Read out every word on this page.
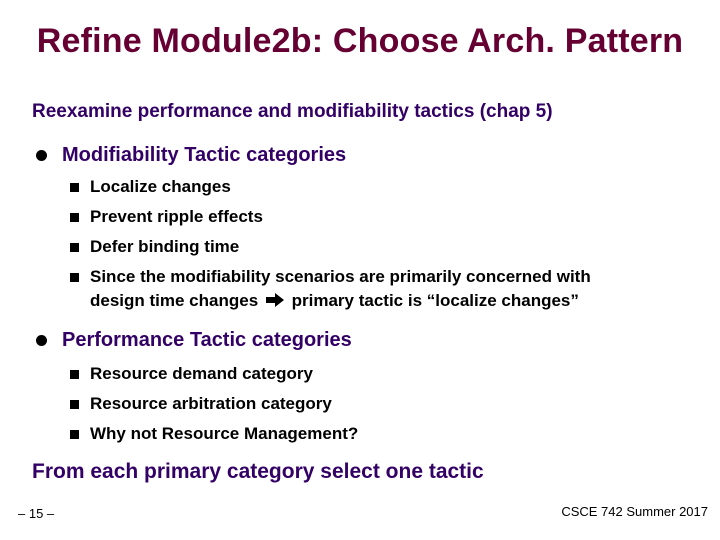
Refine Module2b: Choose Arch. Pattern
Reexamine performance and modifiability tactics (chap 5)
Modifiability Tactic categories
Localize changes
Prevent ripple effects
Defer binding time
Since the modifiability scenarios are primarily concerned with
design time changes primary tactic is “localize changes”
Performance Tactic categories
Resource demand category
Resource arbitration category
Why not Resource Management?
From each primary category select one tactic
– 15 –	CSCE 742 Summer 2017
